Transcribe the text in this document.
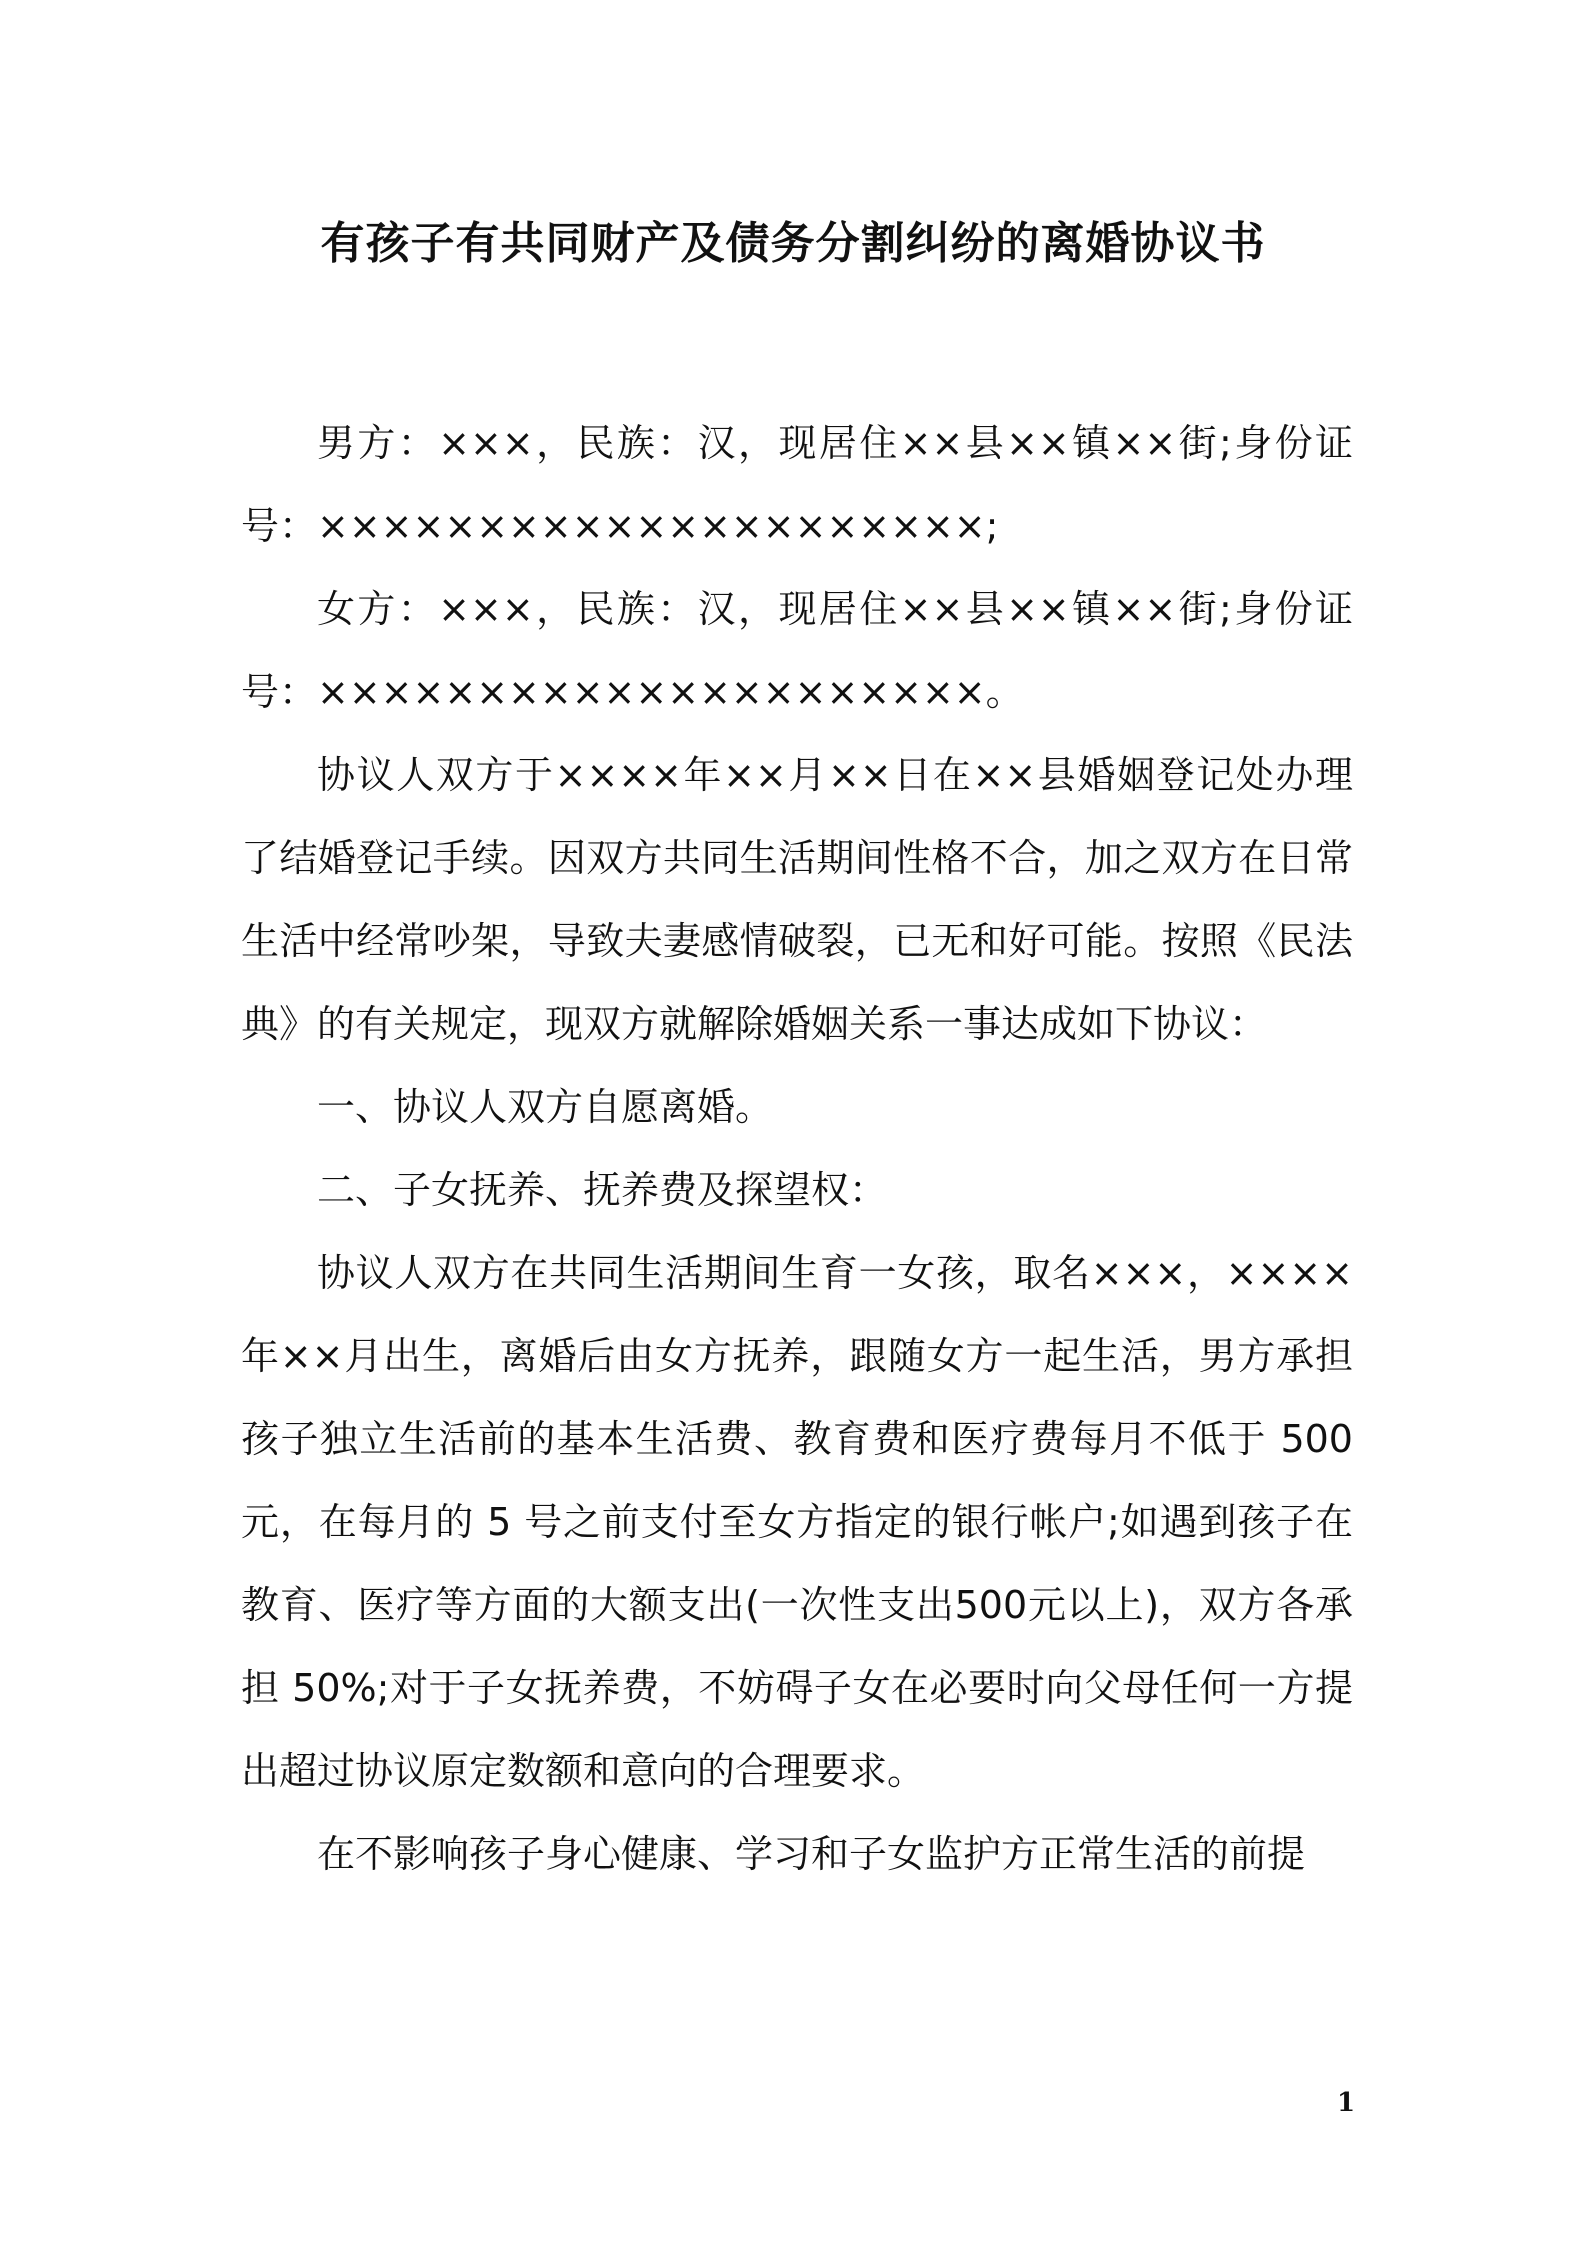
有孩子有共同财产及债务分割纠纷的离婚协议书

男方：×××，民族：汉，现居住××县××镇××街;身份证号：×××××××××××××××××××××;

女方：×××，民族：汉，现居住××县××镇××街;身份证号：×××××××××××××××××××××。

协议人双方于××××年××月××日在××县婚姻登记处办理了结婚登记手续。因双方共同生活期间性格不合，加之双方在日常生活中经常吵架，导致夫妻感情破裂，已无和好可能。按照《民法典》的有关规定，现双方就解除婚姻关系一事达成如下协议：

一、协议人双方自愿离婚。

二、子女抚养、抚养费及探望权：

协议人双方在共同生活期间生育一女孩，取名×××，××××年××月出生，离婚后由女方抚养，跟随女方一起生活，男方承担孩子独立生活前的基本生活费、教育费和医疗费每月不低于 500 元，在每月的 5 号之前支付至女方指定的银行帐户;如遇到孩子在教育、医疗等方面的大额支出(一次性支出500元以上)，双方各承担 50%;对于子女抚养费，不妨碍子女在必要时向父母任何一方提出超过协议原定数额和意向的合理要求。

在不影响孩子身心健康、学习和子女监护方正常生活的前提

1
